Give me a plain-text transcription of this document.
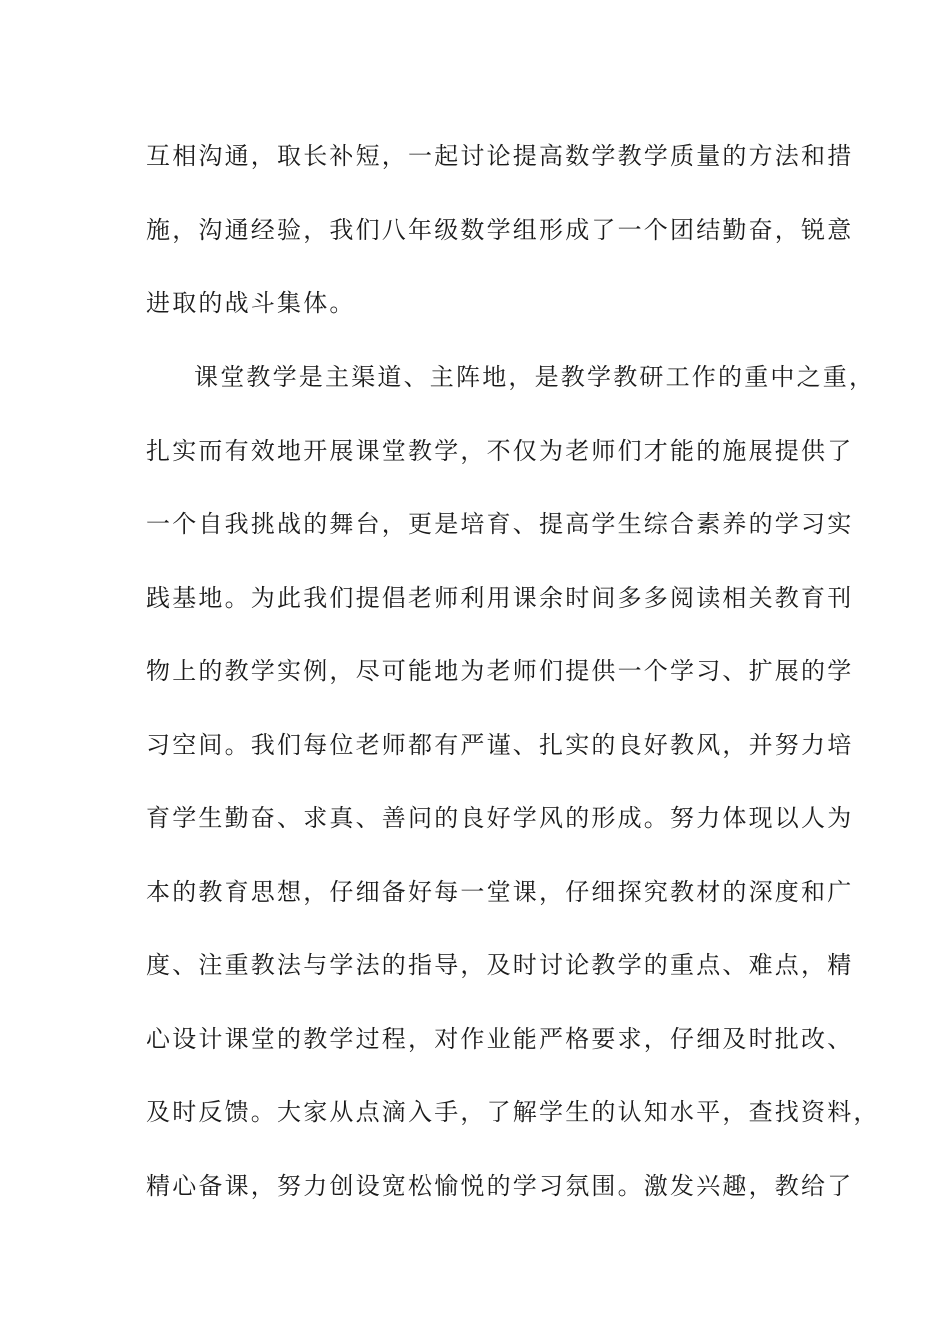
互相沟通，取长补短，一起讨论提高数学教学质量的方法和措
施，沟通经验，我们八年级数学组形成了一个团结勤奋，锐意
进取的战斗集体。
课堂教学是主渠道、主阵地，是教学教研工作的重中之重，
扎实而有效地开展课堂教学，不仅为老师们才能的施展提供了
一个自我挑战的舞台，更是培育、提高学生综合素养的学习实
践基地。为此我们提倡老师利用课余时间多多阅读相关教育刊
物上的教学实例，尽可能地为老师们提供一个学习、扩展的学
习空间。我们每位老师都有严谨、扎实的良好教风，并努力培
育学生勤奋、求真、善问的良好学风的形成。努力体现以人为
本的教育思想，仔细备好每一堂课，仔细探究教材的深度和广
度、注重教法与学法的指导，及时讨论教学的重点、难点，精
心设计课堂的教学过程，对作业能严格要求，仔细及时批改、
及时反馈。大家从点滴入手，了解学生的认知水平，查找资料，
精心备课，努力创设宽松愉悦的学习氛围。激发兴趣，教给了
